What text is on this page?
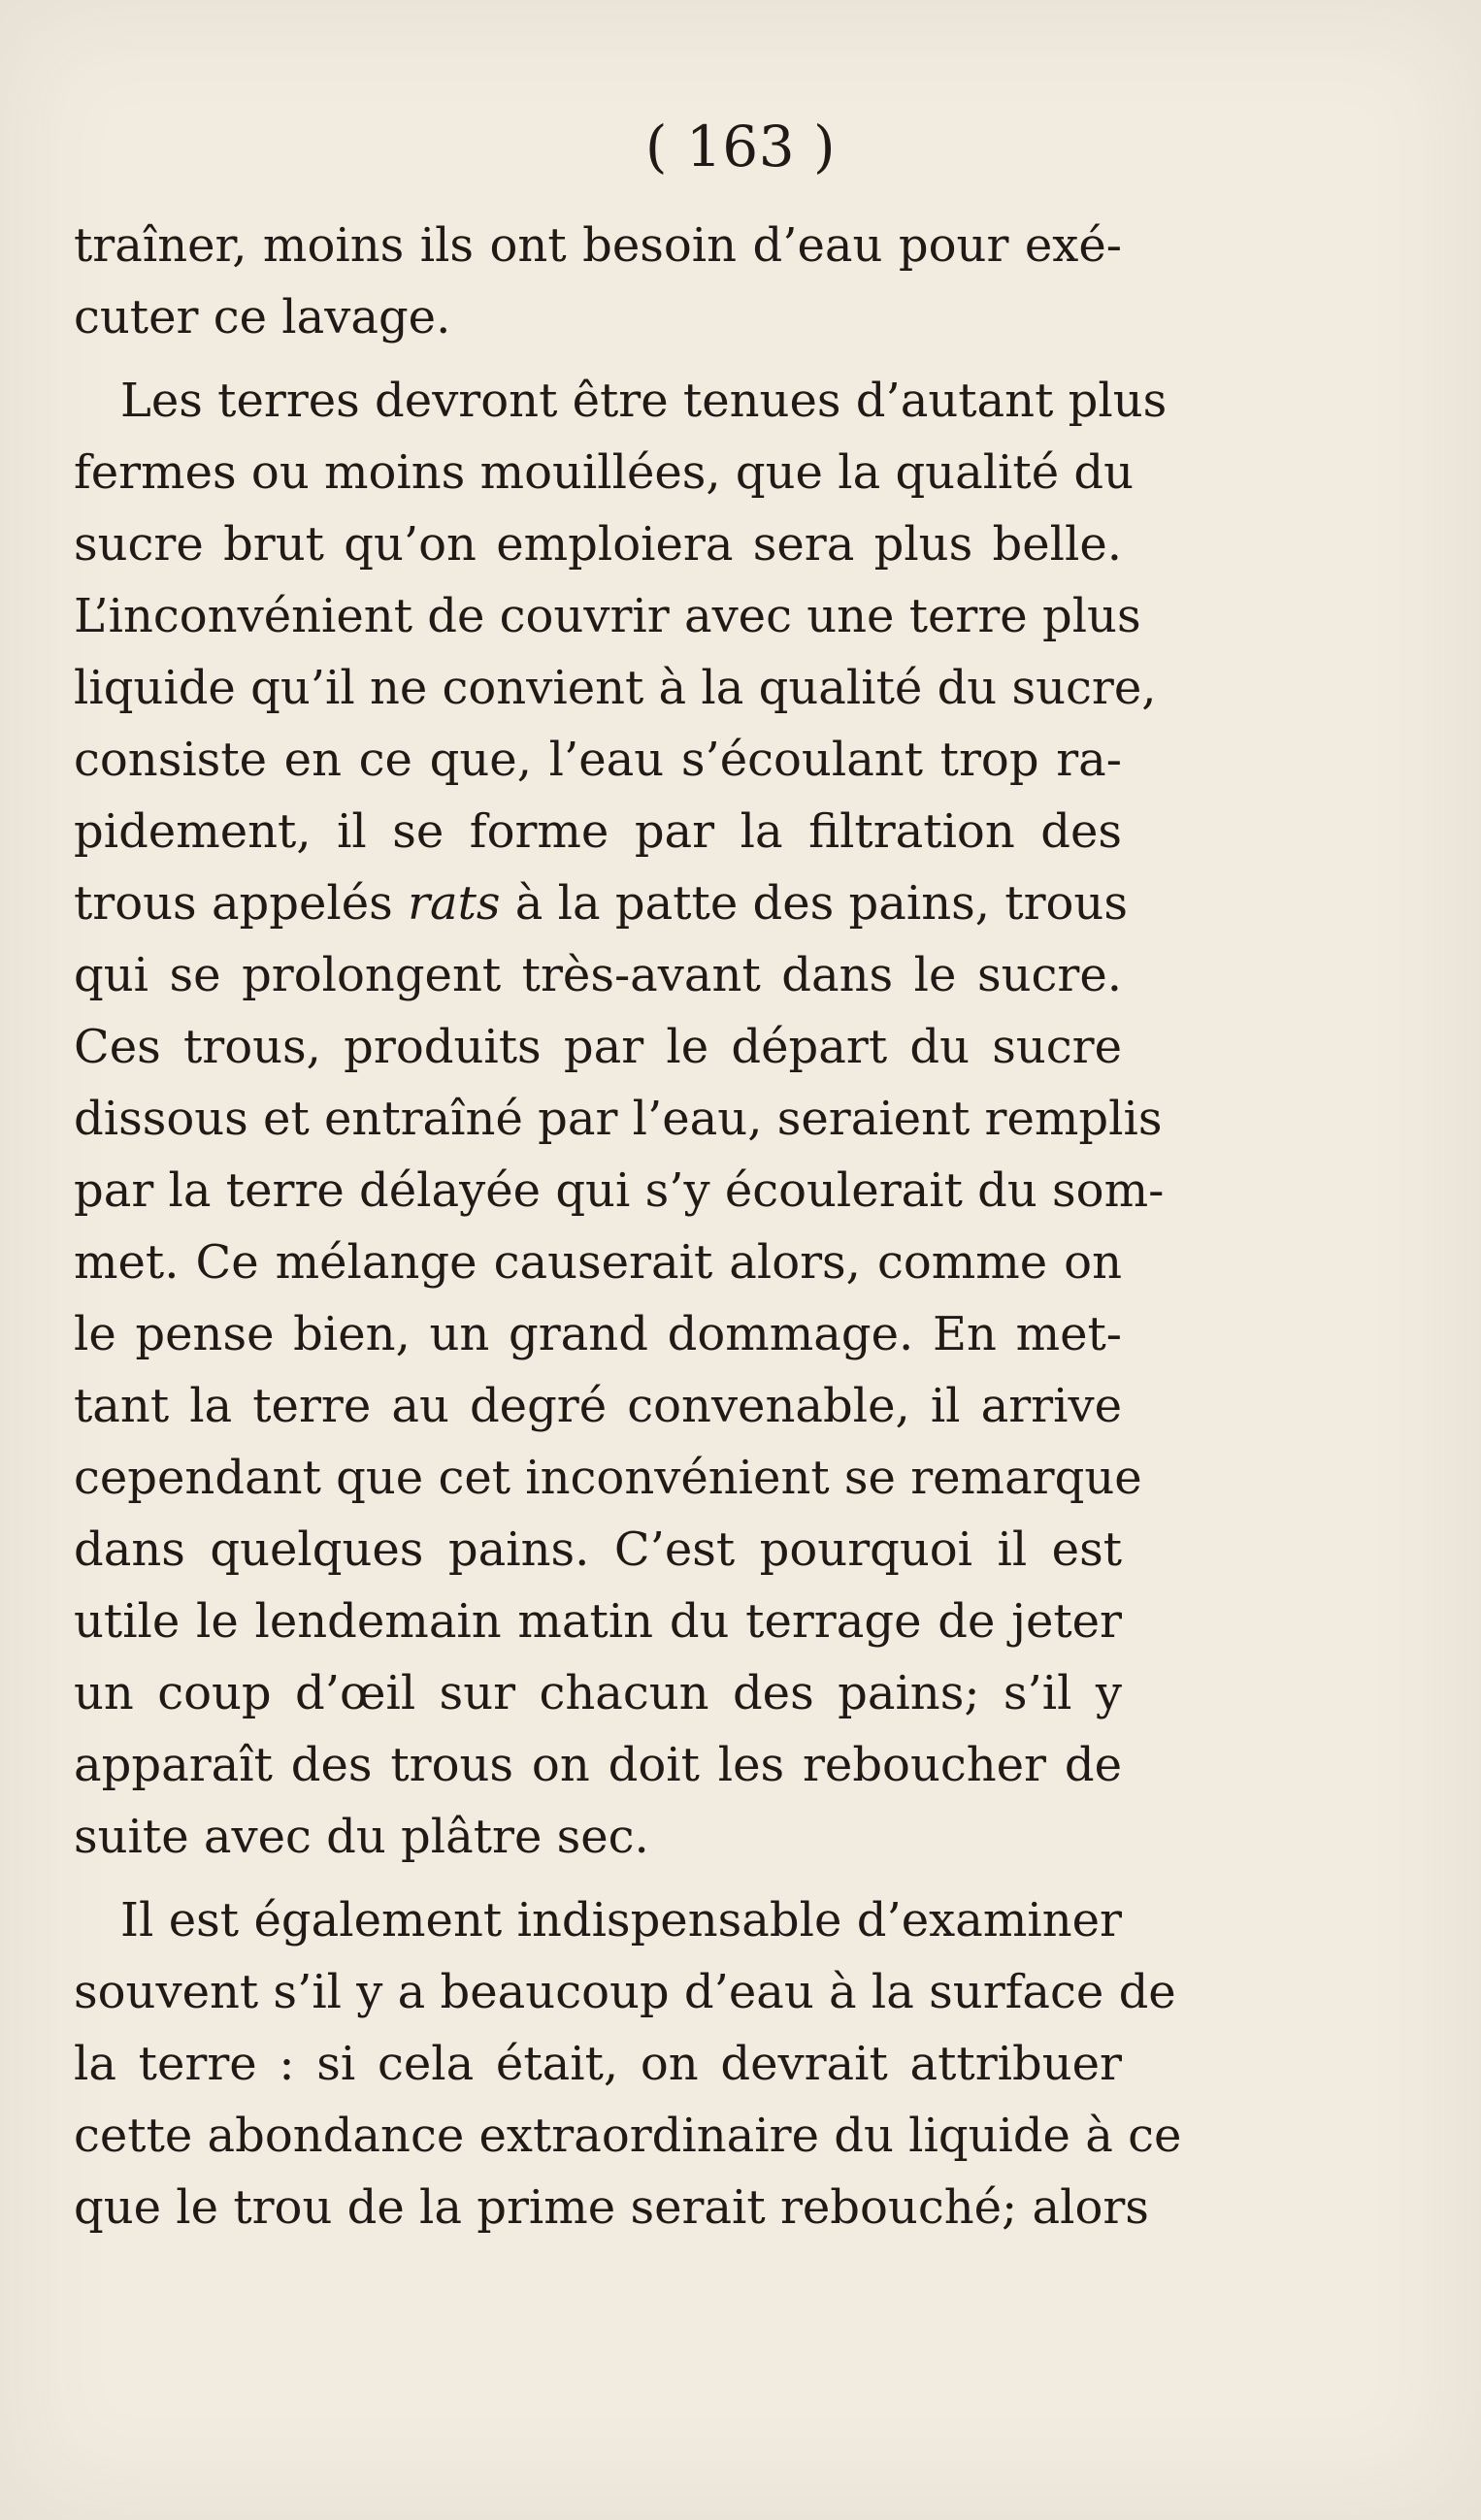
( 163 )
traîner, moins ils ont besoin d’eau pour exé-
cuter ce lavage.
Les terres devront être tenues d’autant plus
fermes ou moins mouillées, que la qualité du
sucre brut qu’on emploiera sera plus belle.
L’inconvénient de couvrir avec une terre plus
liquide qu’il ne convient à la qualité du sucre,
consiste en ce que, l’eau s’écoulant trop ra-
pidement, il se forme par la filtration des
trous appelés rats à la patte des pains, trous
qui se prolongent très-avant dans le sucre.
Ces trous, produits par le départ du sucre
dissous et entraîné par l’eau, seraient remplis
par la terre délayée qui s’y écoulerait du som-
met. Ce mélange causerait alors, comme on
le pense bien, un grand dommage. En met-
tant la terre au degré convenable, il arrive
cependant que cet inconvénient se remarque
dans quelques pains. C’est pourquoi il est
utile le lendemain matin du terrage de jeter
un coup d’œil sur chacun des pains; s’il y
apparaît des trous on doit les reboucher de
suite avec du plâtre sec.
Il est également indispensable d’examiner
souvent s’il y a beaucoup d’eau à la surface de
la terre : si cela était, on devrait attribuer
cette abondance extraordinaire du liquide à ce
que le trou de la prime serait rebouché; alors
